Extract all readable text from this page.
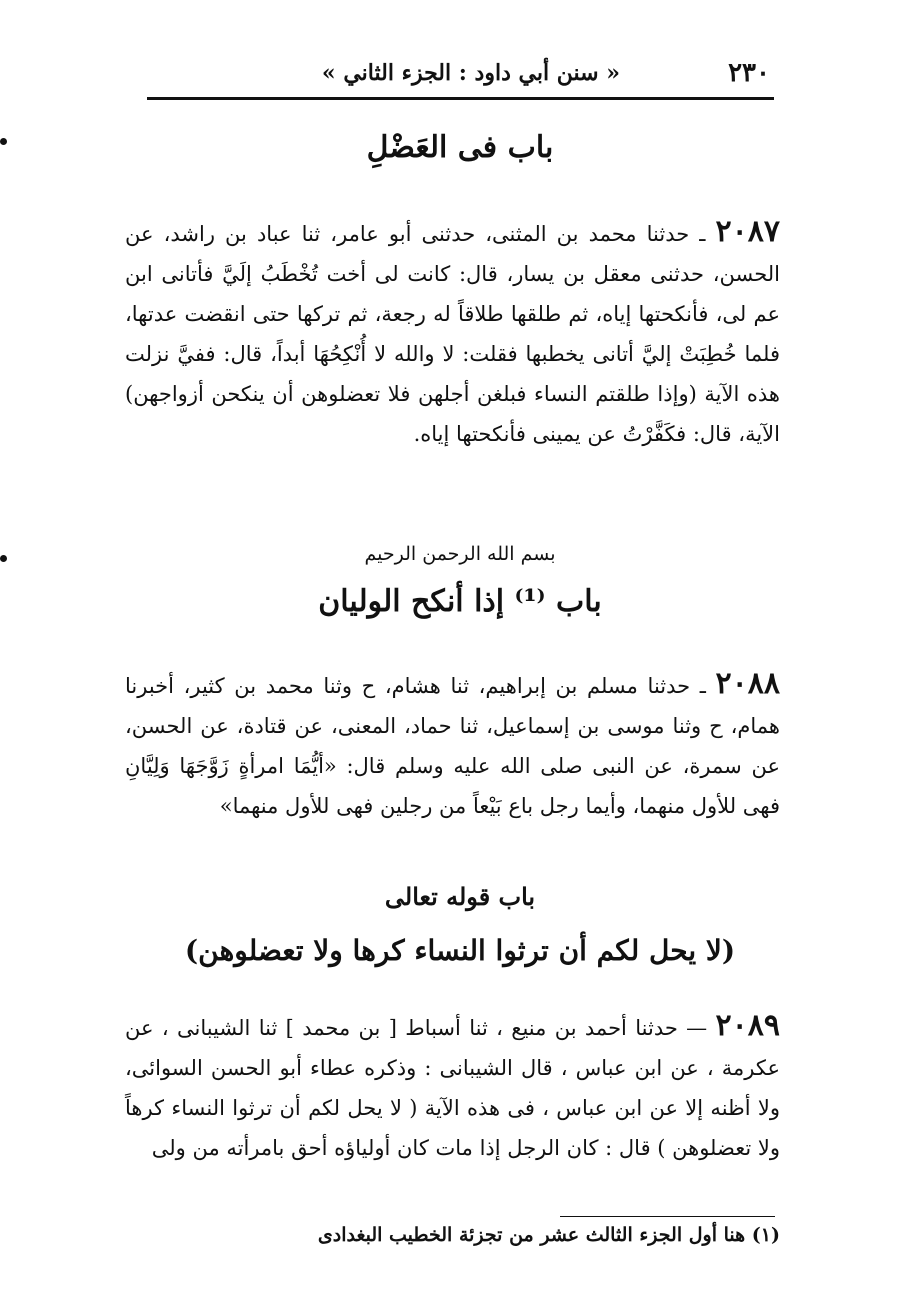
٢٣٠
« سنن أبي داود : الجزء الثاني »
باب فى العَضْلِ

٢٠٨٧ ـ حدثنا محمد بن المثنى، حدثنى أبو عامر، ثنا عباد بن راشد، عن الحسن، حدثنى معقل بن يسار، قال: كانت لى أخت تُخْطَبُ إلَيَّ فأتانى ابن عم لى، فأنكحتها إياه، ثم طلقها طلاقاً له رجعة، ثم تركها حتى انقضت عدتها، فلما خُطِبَتْ إليَّ أتانى يخطبها فقلت: لا والله لا أُنْكِحُهَا أبداً، قال: ففيَّ نزلت هذه الآية (وإذا طلقتم النساء فبلغن أجلهن فلا تعضلوهن أن ينكحن أزواجهن) الآية، قال: فكَفَّرْتُ عن يمينى فأنكحتها إياه.

بسم الله الرحمن الرحيم
باب ⁽¹⁾ إذا أنكح الوليان

٢٠٨٨ ـ حدثنا مسلم بن إبراهيم، ثنا هشام، ح وثنا محمد بن كثير، أخبرنا همام، ح وثنا موسى بن إسماعيل، ثنا حماد، المعنى، عن قتادة، عن الحسن، عن سمرة، عن النبى صلى الله عليه وسلم قال: «أيُّمَا امرأةٍ زَوَّجَهَا وَلِيَّانِ فهى للأول منهما، وأيما رجل باع بَيْعاً من رجلين فهى للأول منهما»

باب قوله تعالى
(لا يحل لكم أن ترثوا النساء كرها ولا تعضلوهن)

٢٠٨٩ — حدثنا أحمد بن منيع ، ثنا أسباط [ بن محمد ] ثنا الشيبانى ، عن عكرمة ، عن ابن عباس ، قال الشيبانى : وذكره عطاء أبو الحسن السوائى، ولا أظنه إلا عن ابن عباس ، فى هذه الآية ( لا يحل لكم أن ترثوا النساء كرهاً ولا تعضلوهن ) قال : كان الرجل إذا مات كان أولياؤه أحق بامرأته من ولى

(١) هنا أول الجزء الثالث عشر من تجزئة الخطيب البغدادى
